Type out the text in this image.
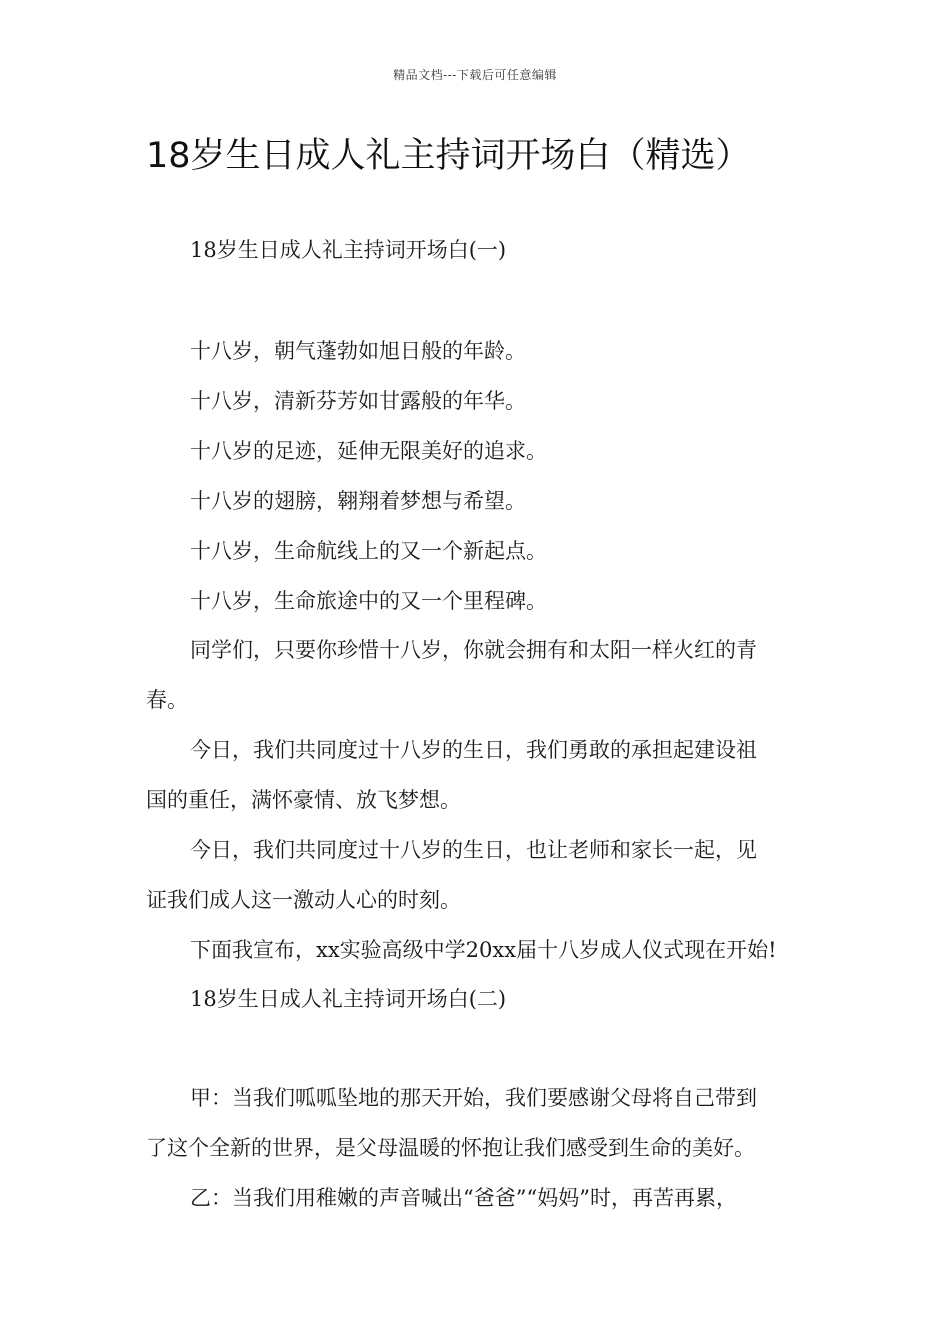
精品文档---下载后可任意编辑
18岁生日成人礼主持词开场白（精选）

18岁生日成人礼主持词开场白(一)

十八岁，朝气蓬勃如旭日般的年龄。

十八岁，清新芬芳如甘露般的年华。

十八岁的足迹，延伸无限美好的追求。

十八岁的翅膀，翱翔着梦想与希望。

十八岁，生命航线上的又一个新起点。

十八岁，生命旅途中的又一个里程碑。

同学们，只要你珍惜十八岁，你就会拥有和太阳一样火红的青

春。

今日，我们共同度过十八岁的生日，我们勇敢的承担起建设祖

国的重任，满怀豪情、放飞梦想。

今日，我们共同度过十八岁的生日，也让老师和家长一起，见

证我们成人这一激动人心的时刻。

下面我宣布，xx实验高级中学20xx届十八岁成人仪式现在开始!

18岁生日成人礼主持词开场白(二)

甲：当我们呱呱坠地的那天开始，我们要感谢父母将自己带到

了这个全新的世界，是父母温暖的怀抱让我们感受到生命的美好。

乙：当我们用稚嫩的声音喊出“爸爸”“妈妈”时，再苦再累，
